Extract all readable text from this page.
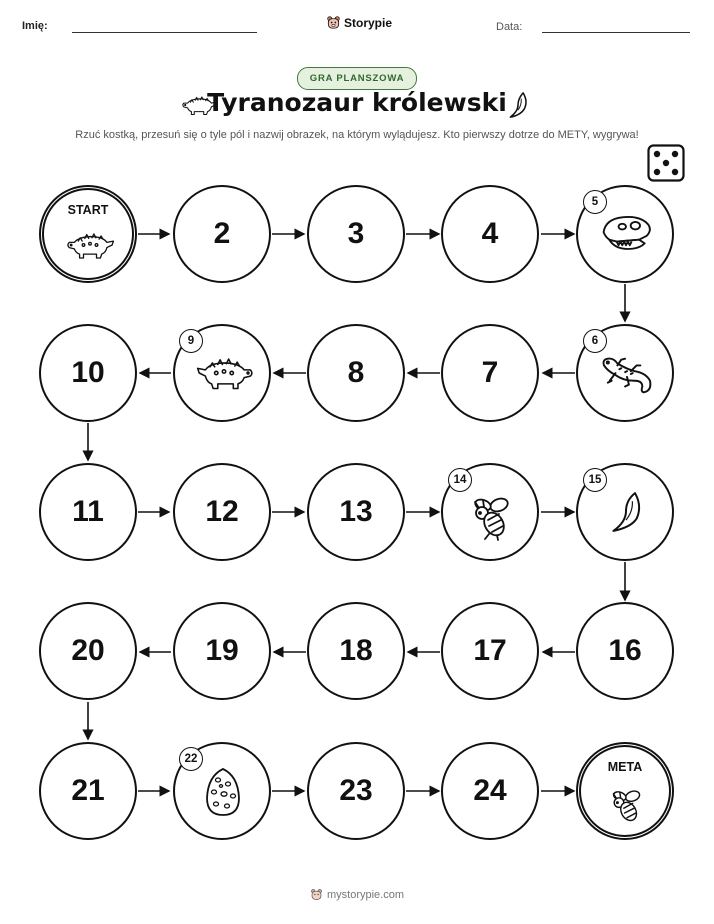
Imię:	Storypie	Data:
GRA PLANSZOWA
Tyranozaur królewski
Rzuć kostką, przesuń się o tyle pól i nazwij obrazek, na którym wylądujesz. Kto pierwszy dotrze do METY, wygrywa!
START
2	3	4
5
10
9
8	7
6
11	12	13
14	15
20	19	18	17	16
21
22
23	24
META
mystorypie.com
